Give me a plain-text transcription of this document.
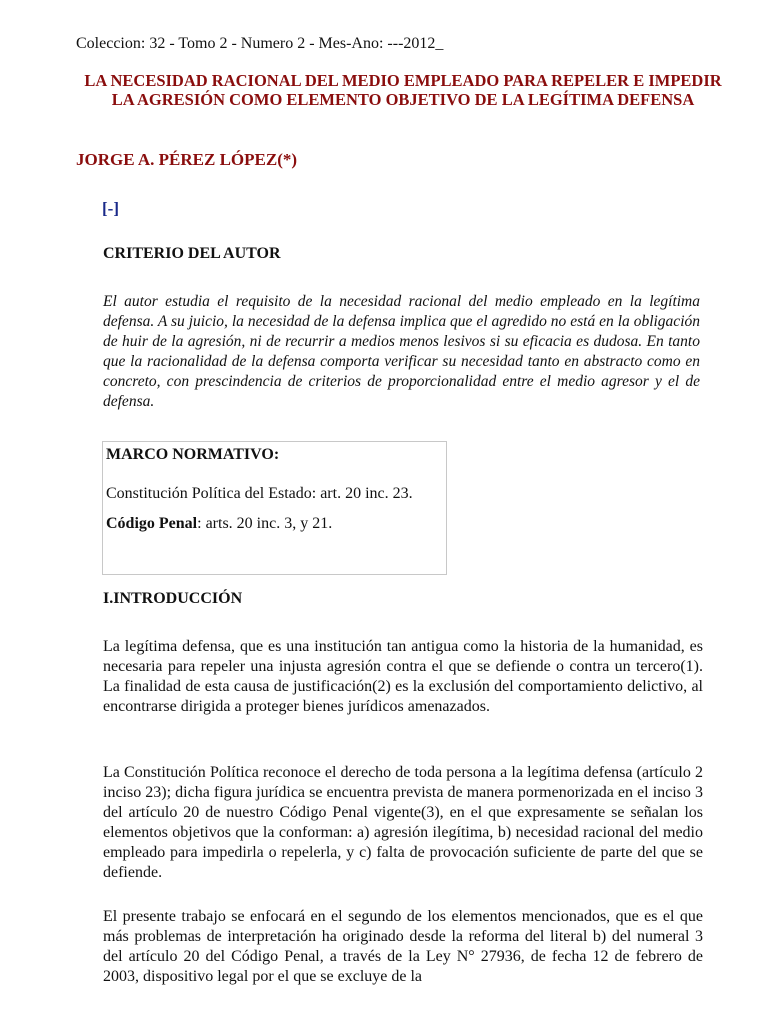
Coleccion: 32 - Tomo 2 - Numero 2 - Mes-Ano: ---2012_
LA NECESIDAD RACIONAL DEL MEDIO EMPLEADO PARA REPELER E IMPEDIR LA AGRESIÓN COMO ELEMENTO OBJETIVO DE LA LEGÍTIMA DEFENSA
JORGE A. PÉREZ LÓPEZ(*)
[-]
CRITERIO DEL AUTOR

El autor estudia el requisito de la necesidad racional del medio empleado en la legítima defensa. A su juicio, la necesidad de la defensa implica que el agredido no está en la obligación de huir de la agresión, ni de recurrir a medios menos lesivos si su eficacia es dudosa. En tanto que la racionalidad de la defensa comporta verificar su necesidad tanto en abstracto como en concreto, con prescindencia de criterios de proporcionalidad entre el medio agresor y el de defensa.

MARCO NORMATIVO:
Constitución Política del Estado: art. 20 inc. 23.
Código Penal: arts. 20 inc. 3, y 21.
I.INTRODUCCIÓN

La legítima defensa, que es una institución tan antigua como la historia de la humanidad, es necesaria para repeler una injusta agresión contra el que se defiende o contra un tercero(1). La finalidad de esta causa de justificación(2) es la exclusión del comportamiento delictivo, al encontrarse dirigida a proteger bienes jurídicos amenazados.

La Constitución Política reconoce el derecho de toda persona a la legítima defensa (artículo 2 inciso 23); dicha figura jurídica se encuentra prevista de manera pormenorizada en el inciso 3 del artículo 20 de nuestro Código Penal vigente(3), en el que expresamente se señalan los elementos objetivos que la conforman: a) agresión ilegítima, b) necesidad racional del medio empleado para impedirla o repelerla, y c) falta de provocación suficiente de parte del que se defiende.

El presente trabajo se enfocará en el segundo de los elementos mencionados, que es el que más problemas de interpretación ha originado desde la reforma del literal b) del numeral 3 del artículo 20 del Código Penal, a través de la Ley N° 27936, de fecha 12 de febrero de 2003, dispositivo legal por el que se excluye de la
